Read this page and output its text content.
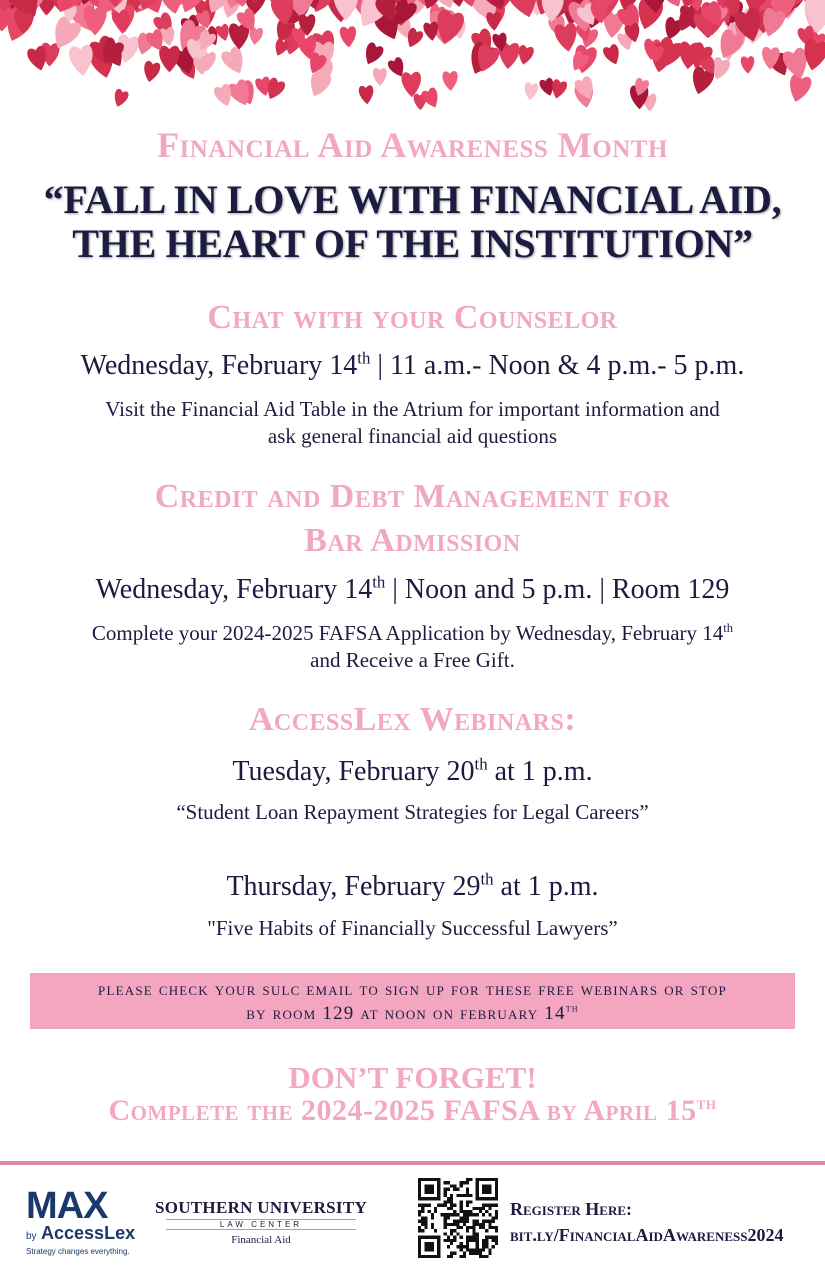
Financial Aid Awareness Month
“FALL IN LOVE WITH FINANCIAL AID,
THE HEART OF THE INSTITUTION”
Chat with your Counselor
Wednesday, February 14th | 11 a.m.- Noon & 4 p.m.- 5 p.m.
Visit the Financial Aid Table in the Atrium for important information and
ask general financial aid questions
Credit and Debt Management for
Bar Admission
Wednesday, February 14th | Noon and 5 p.m. | Room 129
Complete your 2024-2025 FAFSA Application by Wednesday, February 14th
and Receive a Free Gift.
AccessLex Webinars:
Tuesday, February 20th at 1 p.m.
“Student Loan Repayment Strategies for Legal Careers”
Thursday, February 29th at 1 p.m.
"Five Habits of Financially Successful Lawyers”
please check your sulc email to sign up for these free webinars or stop
by room 129 at noon on february 14th
DON’T FORGET!
Complete the 2024-2025 FAFSA by April 15th
MAX
by AccessLex
Strategy changes everything.
SOUTHERN UNIVERSITY
LAW CENTER
Financial Aid
Register Here:
bit.ly/FinancialAidAwareness2024
